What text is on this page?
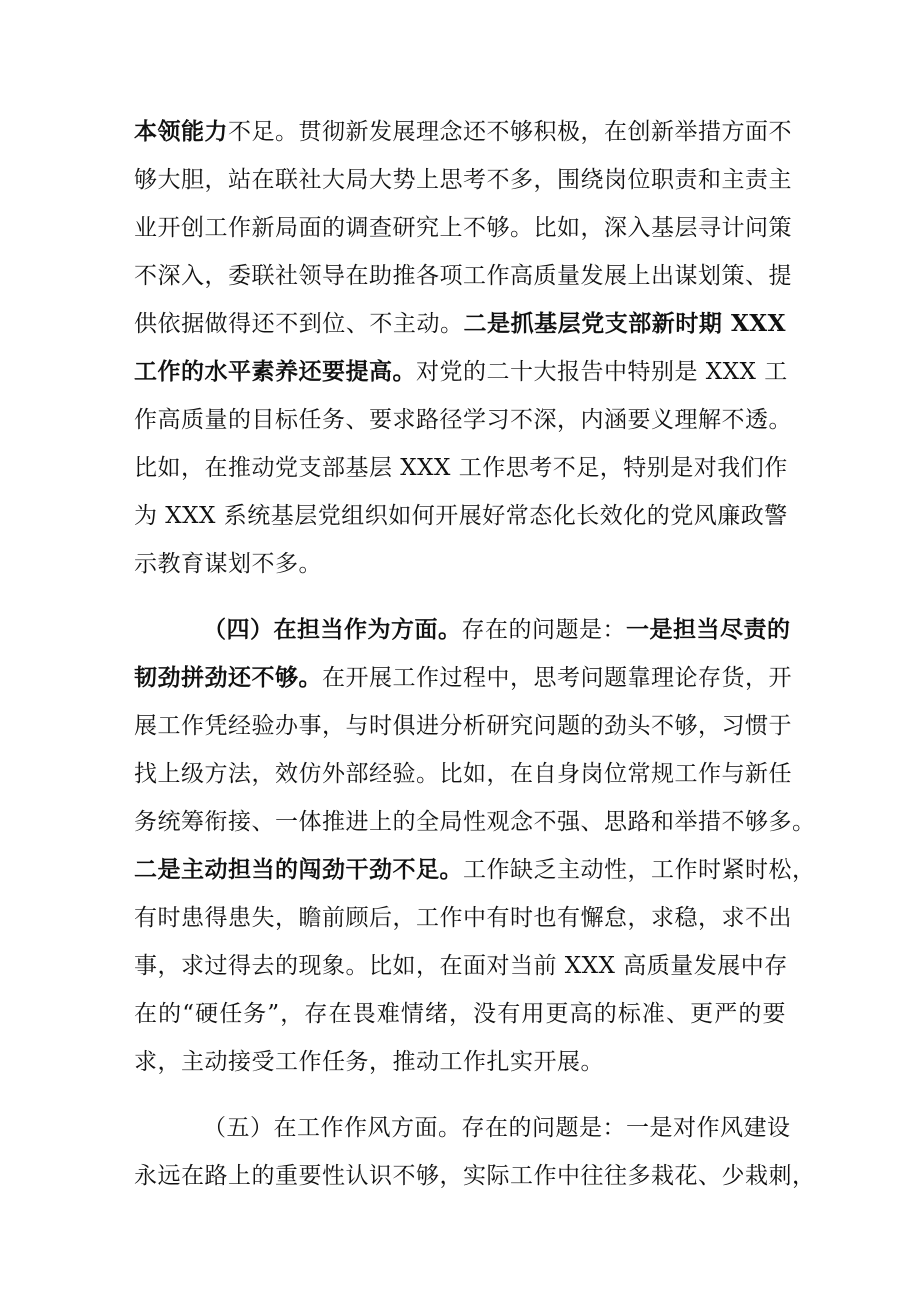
本领能力不足。贯彻新发展理念还不够积极，在创新举措方面不
够大胆，站在联社大局大势上思考不多，围绕岗位职责和主责主
业开创工作新局面的调查研究上不够。比如，深入基层寻计问策
不深入，委联社领导在助推各项工作高质量发展上出谋划策、提
供依据做得还不到位、不主动。二是抓基层党支部新时期 XXX
工作的水平素养还要提高。对党的二十大报告中特别是 XXX 工
作高质量的目标任务、要求路径学习不深，内涵要义理解不透。
比如，在推动党支部基层 XXX 工作思考不足，特别是对我们作
为 XXX 系统基层党组织如何开展好常态化长效化的党风廉政警
示教育谋划不多。
（四）在担当作为方面。存在的问题是：一是担当尽责的
韧劲拼劲还不够。在开展工作过程中，思考问题靠理论存货，开
展工作凭经验办事，与时俱进分析研究问题的劲头不够，习惯于
找上级方法，效仿外部经验。比如，在自身岗位常规工作与新任
务统筹衔接、一体推进上的全局性观念不强、思路和举措不够多。
二是主动担当的闯劲干劲不足。工作缺乏主动性，工作时紧时松，
有时患得患失，瞻前顾后，工作中有时也有懈怠，求稳，求不出
事，求过得去的现象。比如，在面对当前 XXX 高质量发展中存
在的“硬任务”，存在畏难情绪，没有用更高的标准、更严的要
求，主动接受工作任务，推动工作扎实开展。
（五）在工作作风方面。存在的问题是：一是对作风建设
永远在路上的重要性认识不够，实际工作中往往多栽花、少栽刺，
